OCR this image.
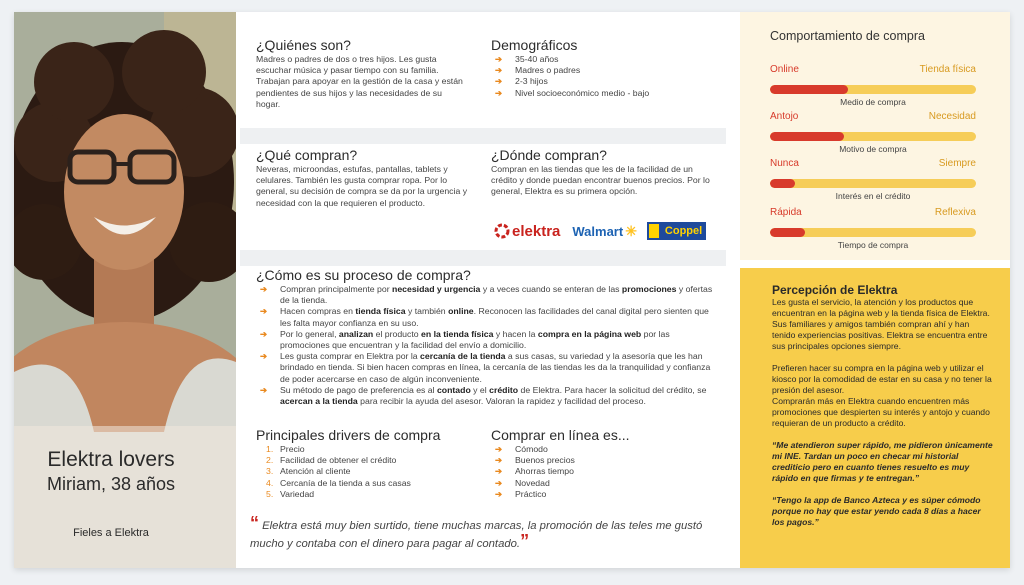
Elektra lovers
Miriam, 38 años
Fieles a Elektra
¿Quiénes son?
Madres o padres de dos o tres hijos. Les gusta escuchar música y pasar tiempo con su familia. Trabajan para apoyar en la gestión de la casa y están pendientes de sus hijos y las necesidades de su hogar.
Demográficos
➔ 35-40 años
➔ Madres o padres
➔ 2-3 hijos
➔ Nivel socioeconómico medio - bajo
¿Qué compran?
Neveras, microondas, estufas, pantallas, tablets y celulares. También les gusta comprar ropa. Por lo general, su decisión de compra se da por la urgencia y necesidad con la que requieren el producto.
¿Dónde compran?
Compran en las tiendas que les de la facilidad de un crédito y donde puedan encontrar buenos precios. Por lo general, Elektra es su primera opción.
elektra Walmart ✳	Coppel
¿Cómo es su proceso de compra?
➔ Compran principalmente por necesidad y urgencia y a veces cuando se enteran de las promociones y ofertas de la tienda.
➔ Hacen compras en tienda física y también online. Reconocen las facilidades del canal digital pero sienten que les falta mayor confianza en su uso.
➔ Por lo general, analizan el producto en la tienda física y hacen la compra en la página web por las promociones que encuentran y la facilidad del envío a domicilio.
➔ Les gusta comprar en Elektra por la cercanía de la tienda a sus casas, su variedad y la asesoría que les han brindado en tienda. Si bien hacen compras en línea, la cercanía de las tiendas les da la tranquilidad y confianza de poder acercarse en caso de algún inconveniente.
➔ Su método de pago de preferencia es al contado y el crédito de Elektra. Para hacer la solicitud del crédito, se acercan a la tienda para recibir la ayuda del asesor. Valoran la rapidez y facilidad del proceso.
Principales drivers de compra
1. Precio
2. Facilidad de obtener el crédito
3. Atención al cliente
4. Cercanía de la tienda a sus casas
5. Variedad
Comprar en línea es...
➔ Cómodo
➔ Buenos precios
➔ Ahorras tiempo
➔ Novedad
➔ Práctico
“ Elektra está muy bien surtido, tiene muchas marcas, la promoción de las teles me gustó mucho y contaba con el dinero para pagar al contado.”
Comportamiento de compra
Online	Tienda física
Medio de compra
Antojo	Necesidad
Motivo de compra
Nunca	Siempre
Interés en el crédito
Rápida	Reflexiva
Tiempo de compra
Percepción de Elektra

Les gusta el servicio, la atención y los productos que encuentran en la página web y la tienda física de Elektra. Sus familiares y amigos también compran ahí y han tenido experiencias positivas. Elektra se encuentra entre sus principales opciones siempre.

Prefieren hacer su compra en la página web y utilizar el kiosco por la comodidad de estar en su casa y no tener la presión del asesor.

Comprarán más en Elektra cuando encuentren más promociones que despierten su interés y antojo y cuando requieran de un producto a crédito.

“Me atendieron super rápido, me pidieron únicamente mi INE. Tardan un poco en checar mi historial crediticio pero en cuanto tienes resuelto es muy rápido en que firmas y te entregan.”

“Tengo la app de Banco Azteca y es súper cómodo porque no hay que estar yendo cada 8 días a hacer los pagos.”
